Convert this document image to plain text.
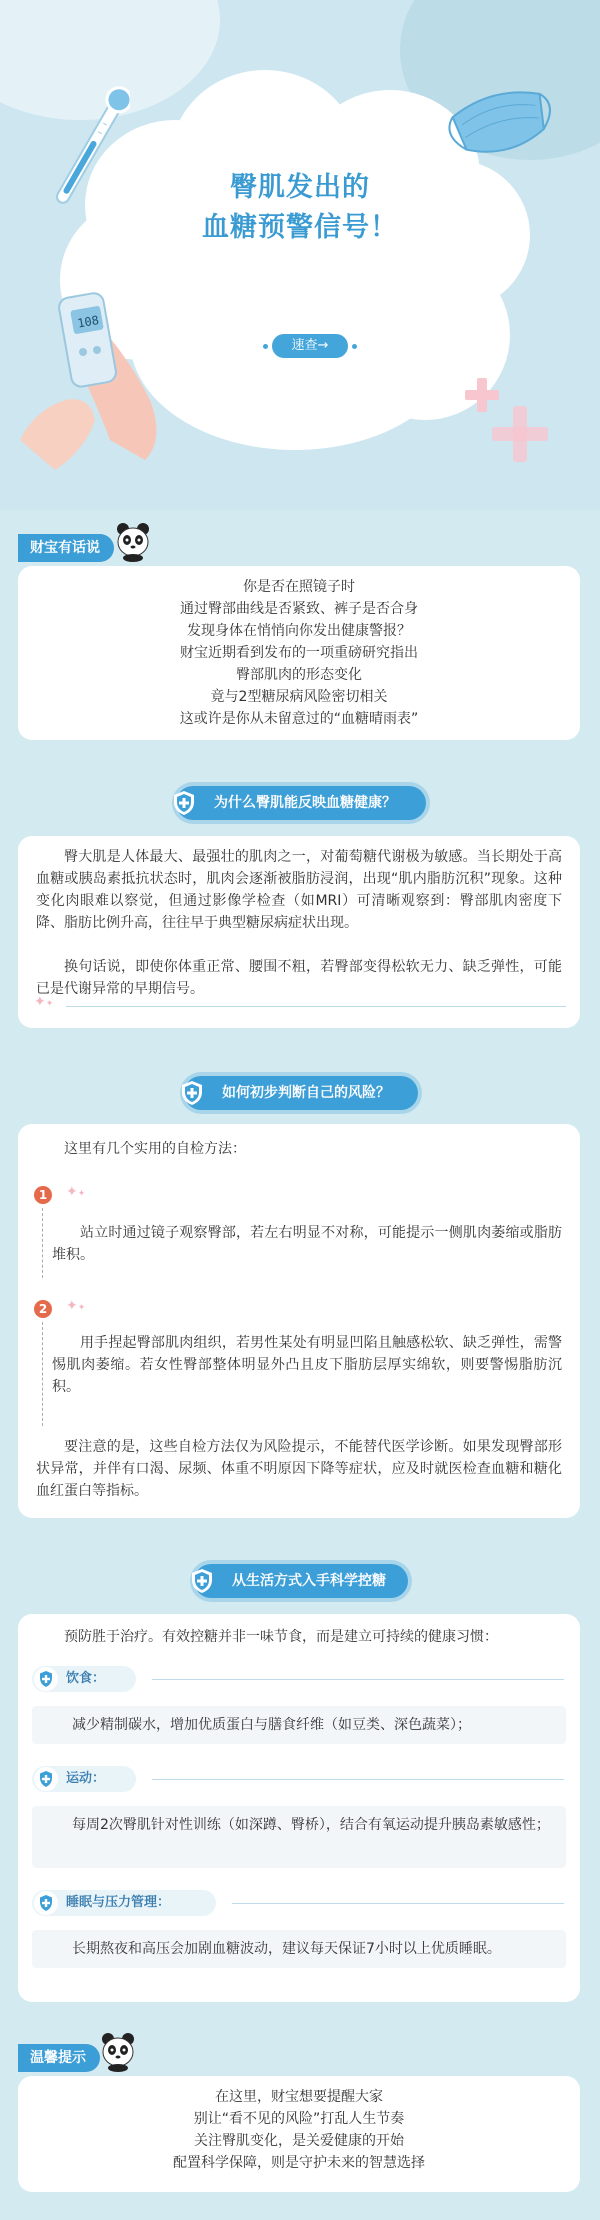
臀肌发出的
血糖预警信号！
速查→
108
财宝有话说
你是否在照镜子时
通过臀部曲线是否紧致、裤子是否合身
发现身体在悄悄向你发出健康警报？
财宝近期看到发布的一项重磅研究指出
臀部肌肉的形态变化
竟与2型糖尿病风险密切相关
这或许是你从未留意过的“血糖晴雨表”
为什么臀肌能反映血糖健康？
臀大肌是人体最大、最强壮的肌肉之一，对葡萄糖代谢极为敏感。当长期处于高血糖或胰岛素抵抗状态时，肌肉会逐渐被脂肪浸润，出现“肌内脂肪沉积”现象。这种变化肉眼难以察觉，但通过影像学检查（如MRI）可清晰观察到：臀部肌肉密度下降、脂肪比例升高，往往早于典型糖尿病症状出现。
换句话说，即使你体重正常、腰围不粗，若臀部变得松软无力、缺乏弹性，可能已是代谢异常的早期信号。
✦✦
如何初步判断自己的风险？
这里有几个实用的自检方法：
1	✦✦
站立时通过镜子观察臀部，若左右明显不对称，可能提示一侧肌肉萎缩或脂肪堆积。
2	✦✦
用手捏起臀部肌肉组织，若男性某处有明显凹陷且触感松软、缺乏弹性，需警惕肌肉萎缩。若女性臀部整体明显外凸且皮下脂肪层厚实绵软，则要警惕脂肪沉积。
要注意的是，这些自检方法仅为风险提示，不能替代医学诊断。如果发现臀部形状异常，并伴有口渴、尿频、体重不明原因下降等症状，应及时就医检查血糖和糖化血红蛋白等指标。
从生活方式入手科学控糖
预防胜于治疗。有效控糖并非一味节食，而是建立可持续的健康习惯：
饮食：
减少精制碳水，增加优质蛋白与膳食纤维（如豆类、深色蔬菜）；
运动：
每周2次臀肌针对性训练（如深蹲、臀桥），结合有氧运动提升胰岛素敏感性；
睡眠与压力管理：
长期熬夜和高压会加剧血糖波动，建议每天保证7小时以上优质睡眠。
温馨提示
在这里，财宝想要提醒大家
别让“看不见的风险”打乱人生节奏
关注臀肌变化，是关爱健康的开始
配置科学保障，则是守护未来的智慧选择
